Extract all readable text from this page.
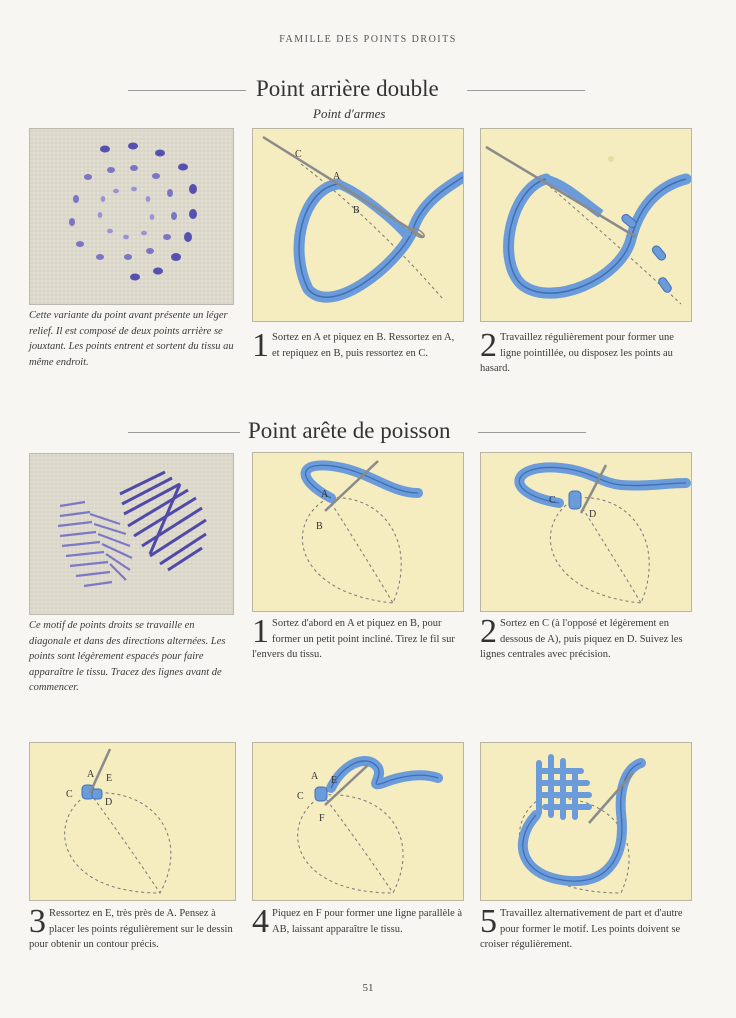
FAMILLE DES POINTS DROITS
Point arrière double
Point d'armes
Cette variante du point avant présente un léger relief. Il est composé de deux points arrière se jouxtant. Les points entrent et sortent du tissu au même endroit.
C
A
B
1 Sortez en A et piquez en B. Ressortez en A, et repiquez en B, puis ressortez en C.	2 Travaillez régulièrement pour former une ligne pointillée, ou disposez les points au hasard.
Point arête de poisson
Ce motif de points droits se travaille en diagonale et dans des directions alternées. Les points sont légèrement espacés pour faire apparaître le tissu. Tracez des lignes avant de commencer.
A
B
1 Sortez d'abord en A et piquez en B, pour former un petit point incliné. Tirez le fil sur l'envers du tissu.
C
D
2 Sortez en C (à l'opposé et légèrement en dessous de A), puis piquez en D. Suivez les lignes centrales avec précision.
A E
C
D
3 Ressortez en E, très près de A. Pensez à placer les points régulièrement sur le dessin pour obtenir un contour précis.
A E
C
F
4 Piquez en F pour former une ligne parallèle à AB, laissant apparaître le tissu.	5 Travaillez alternativement de part et d'autre pour former le motif. Les points doivent se croiser régulièrement.
51
